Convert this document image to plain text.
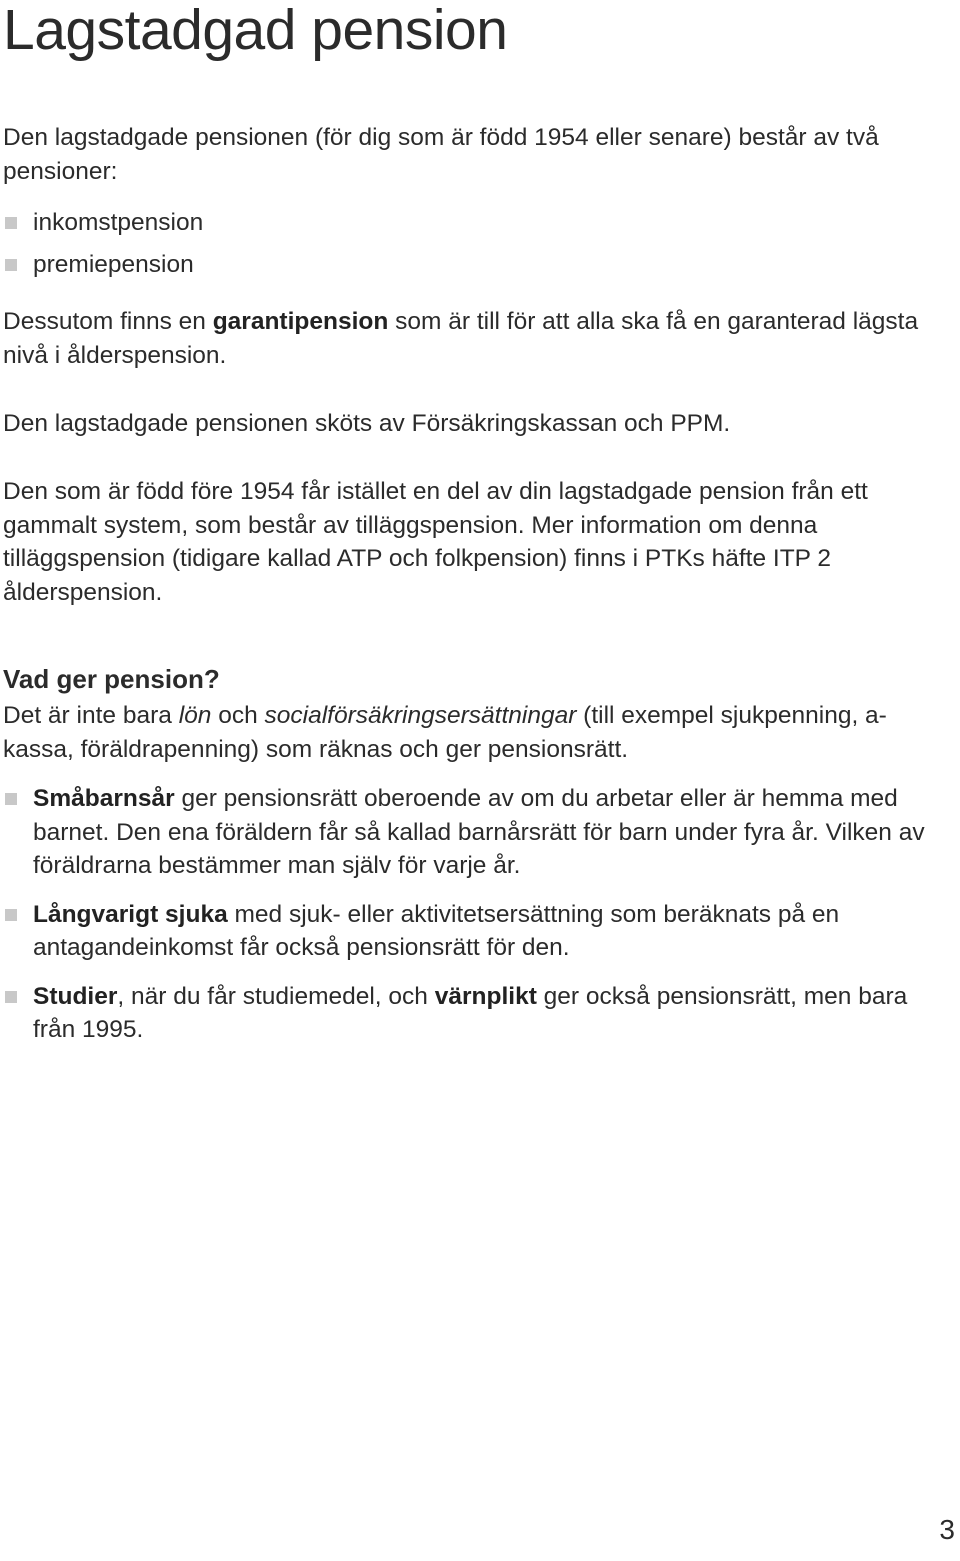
Lagstadgad pension

Den lagstadgade pensionen (för dig som är född 1954 eller senare) består av två pensioner:

inkomstpension
premiepension

Dessutom finns en garantipension som är till för att alla ska få en garanterad lägsta nivå i ålderspension.

Den lagstadgade pensionen sköts av Försäkringskassan och PPM.

Den som är född före 1954 får istället en del av din lagstadgade pension från ett gammalt system, som består av tilläggspension. Mer information om denna tilläggspension (tidigare kallad ATP och folkpension) finns i PTKs häfte ITP 2 ålderspension.

Vad ger pension?

Det är inte bara lön och socialförsäkringsersättningar (till exempel sjukpenning, a-kassa, föräldrapenning) som räknas och ger pensionsrätt.

Småbarnsår ger pensionsrätt oberoende av om du arbetar eller är hemma med barnet. Den ena föräldern får så kallad barnårsrätt för barn under fyra år. Vilken av föräldrarna bestämmer man själv för varje år.
Långvarigt sjuka med sjuk- eller aktivitetsersättning som beräknats på en antagandeinkomst får också pensionsrätt för den.
Studier, när du får studiemedel, och värnplikt ger också pensionsrätt, men bara från 1995.
3
